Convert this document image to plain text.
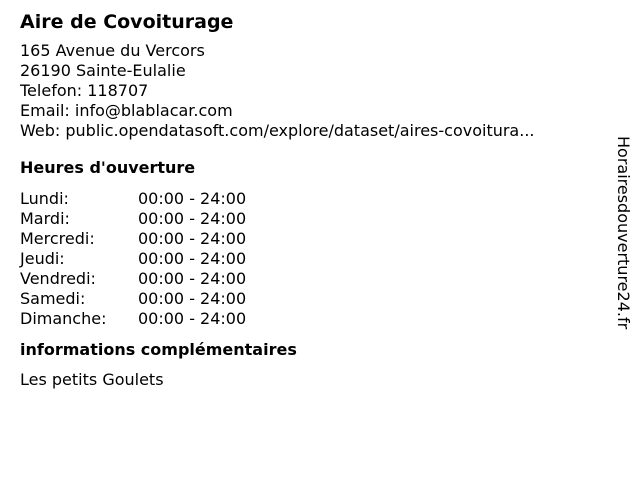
Aire de Covoiturage
165 Avenue du Vercors
26190 Sainte-Eulalie
Telefon: 118707
Email: info@blablacar.com
Web: public.opendatasoft.com/explore/dataset/aires-covoitura...
Heures d'ouverture
Lundi:	00:00 - 24:00
Mardi:	00:00 - 24:00
Mercredi:	00:00 - 24:00
Jeudi:	00:00 - 24:00
Vendredi:	00:00 - 24:00
Samedi:	00:00 - 24:00
Dimanche: 00:00 - 24:00
informations complémentaires
Les petits Goulets
Horairesdouverture24.fr
